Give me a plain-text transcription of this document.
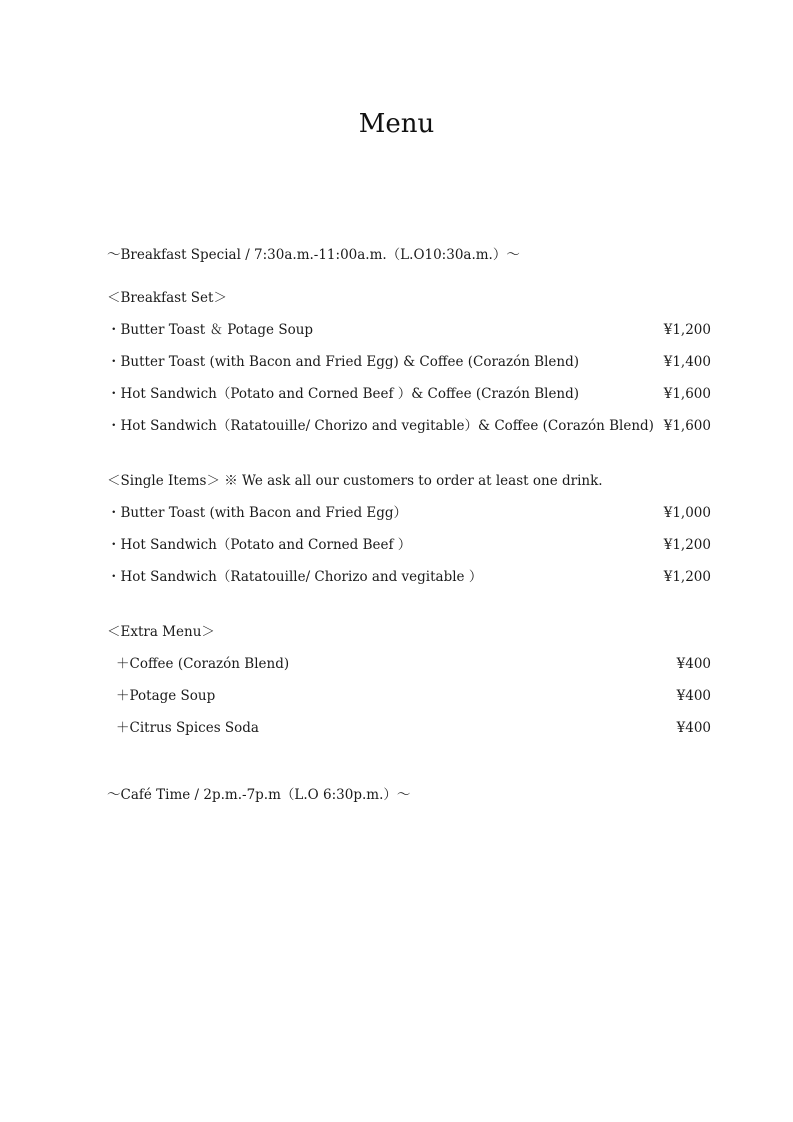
Menu
〜Breakfast Special / 7:30a.m.-11:00a.m.（L.O10:30a.m.）〜
＜Breakfast Set＞
・Butter Toast ＆ Potage Soup	¥1,200
・Butter Toast (with Bacon and Fried Egg) & Coffee (Corazón Blend)	¥1,400
・Hot Sandwich（Potato and Corned Beef ）& Coffee (Crazón Blend)	¥1,600
・Hot Sandwich（Ratatouille/ Chorizo and vegitable）& Coffee (Corazón Blend) ¥1,600
＜Single Items＞ ※ We ask all our customers to order at least one drink.
・Butter Toast (with Bacon and Fried Egg）	¥1,000
・Hot Sandwich（Potato and Corned Beef ）	¥1,200
・Hot Sandwich（Ratatouille/ Chorizo and vegitable ）	¥1,200
＜Extra Menu＞
＋Coffee (Corazón Blend)	¥400
＋Potage Soup	¥400
＋Citrus Spices Soda	¥400
〜Café Time / 2p.m.-7p.m（L.O 6:30p.m.）〜
